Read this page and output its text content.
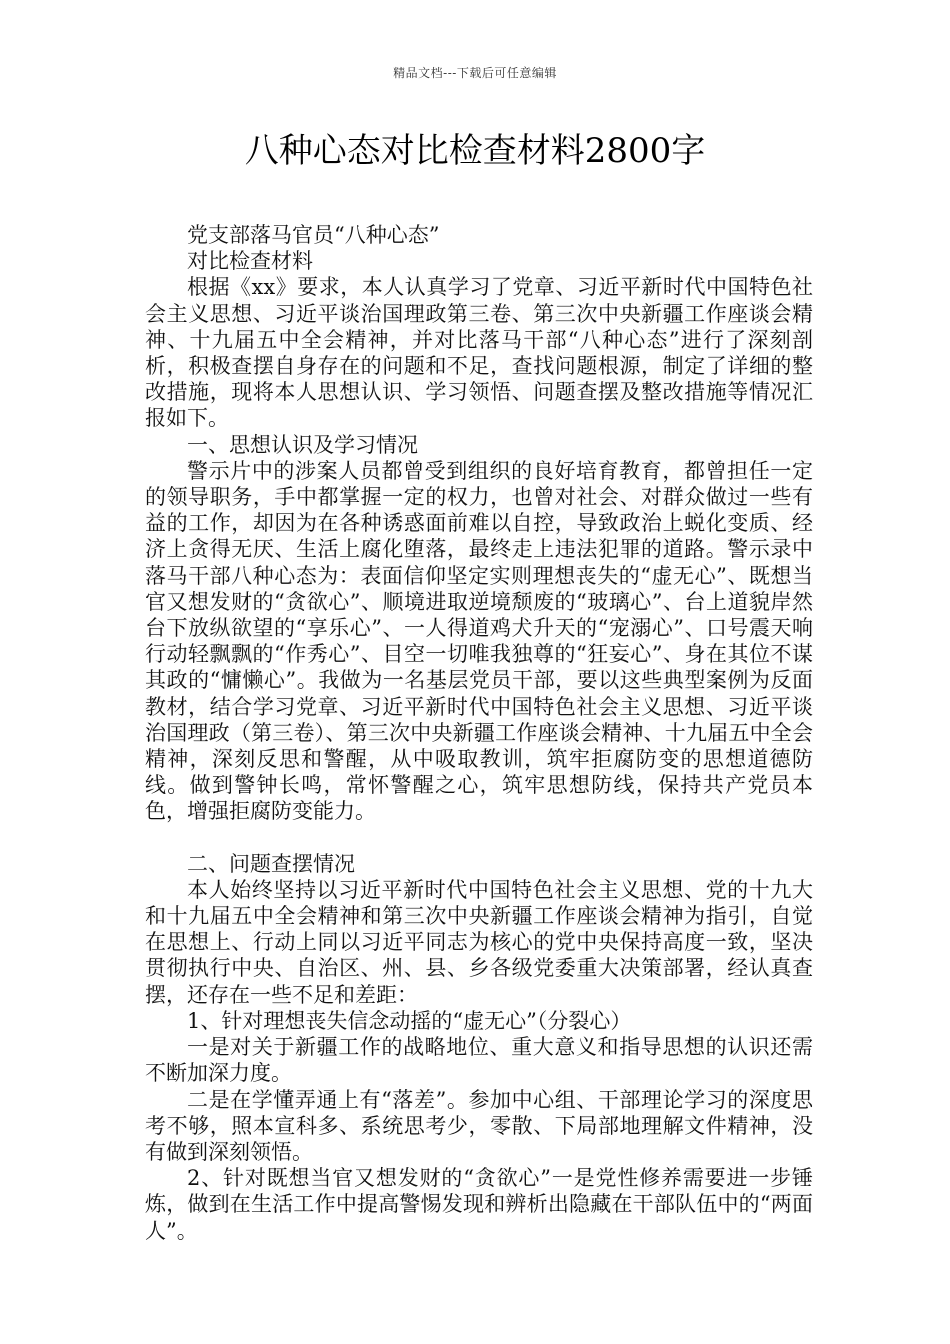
精品文档---下载后可任意编辑
八种心态对比检查材料2800字

党支部落马官员“八种心态”

对比检查材料

根据《xx》要求，本人认真学习了党章、习近平新时代中国特色社会主义思想、习近平谈治国理政第三卷、第三次中央新疆工作座谈会精神、十九届五中全会精神，并对比落马干部“八种心态”进行了深刻剖析，积极查摆自身存在的问题和不足，查找问题根源，制定了详细的整改措施，现将本人思想认识、学习领悟、问题查摆及整改措施等情况汇报如下。

一、思想认识及学习情况

警示片中的涉案人员都曾受到组织的良好培育教育，都曾担任一定的领导职务，手中都掌握一定的权力，也曾对社会、对群众做过一些有益的工作，却因为在各种诱惑面前难以自控，导致政治上蜕化变质、经济上贪得无厌、生活上腐化堕落，最终走上违法犯罪的道路。警示录中落马干部八种心态为：表面信仰坚定实则理想丧失的“虚无心”、既想当官又想发财的“贪欲心”、顺境进取逆境颓废的“玻璃心”、台上道貌岸然台下放纵欲望的“享乐心”、一人得道鸡犬升天的“宠溺心”、口号震天响行动轻飘飘的“作秀心”、目空一切唯我独尊的“狂妄心”、身在其位不谋其政的“慵懒心”。我做为一名基层党员干部，要以这些典型案例为反面教材，结合学习党章、习近平新时代中国特色社会主义思想、习近平谈治国理政（第三卷）、第三次中央新疆工作座谈会精神、十九届五中全会精神，深刻反思和警醒，从中吸取教训，筑牢拒腐防变的思想道德防线。做到警钟长鸣，常怀警醒之心，筑牢思想防线，保持共产党员本色，增强拒腐防变能力。

二、问题查摆情况

本人始终坚持以习近平新时代中国特色社会主义思想、党的十九大和十九届五中全会精神和第三次中央新疆工作座谈会精神为指引，自觉在思想上、行动上同以习近平同志为核心的党中央保持高度一致，坚决贯彻执行中央、自治区、州、县、乡各级党委重大决策部署，经认真查摆，还存在一些不足和差距：

1、针对理想丧失信念动摇的“虚无心”（分裂心）

一是对关于新疆工作的战略地位、重大意义和指导思想的认识还需不断加深力度。

二是在学懂弄通上有“落差”。参加中心组、干部理论学习的深度思考不够，照本宣科多、系统思考少，零散、下局部地理解文件精神，没有做到深刻领悟。

2、针对既想当官又想发财的“贪欲心”一是党性修养需要进一步锤炼，做到在生活工作中提高警惕发现和辨析出隐藏在干部队伍中的“两面人”。
